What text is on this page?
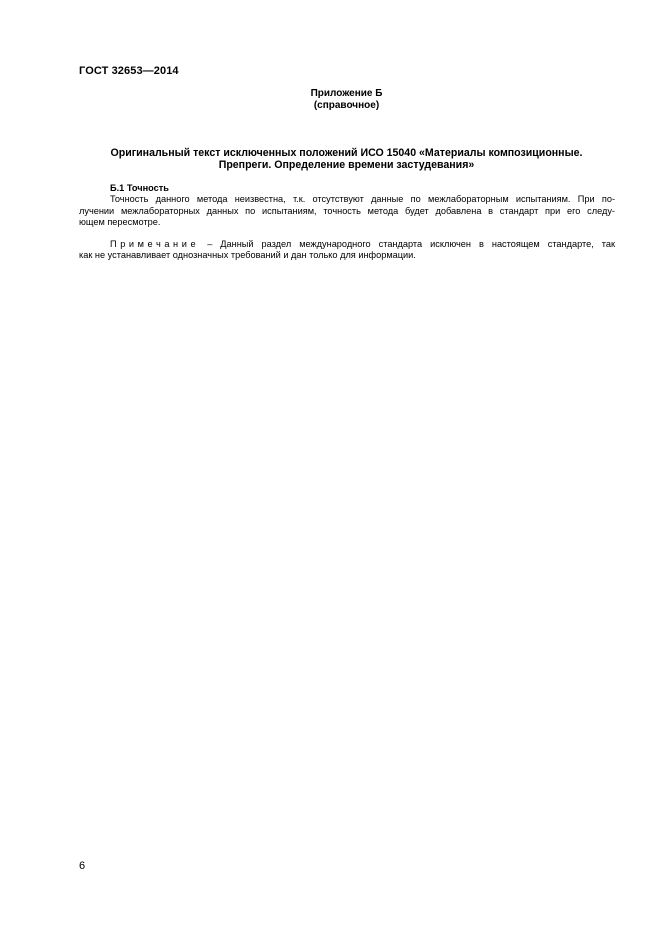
ГОСТ 32653—2014
Приложение Б
(справочное)
Оригинальный текст исключенных положений ИСО 15040 «Материалы композиционные.
Препреги. Определение времени застудевания»
Б.1 Точность
Точность данного метода неизвестна, т.к. отсутствуют данные по межлабораторным испытаниям. При по-
лучении межлабораторных данных по испытаниям, точность метода будет добавлена в стандарт при его следу-
ющем пересмотре.
Примечание – Данный раздел международного стандарта исключен в настоящем стандарте, так
как не устанавливает однозначных требований и дан только для информации.
6
